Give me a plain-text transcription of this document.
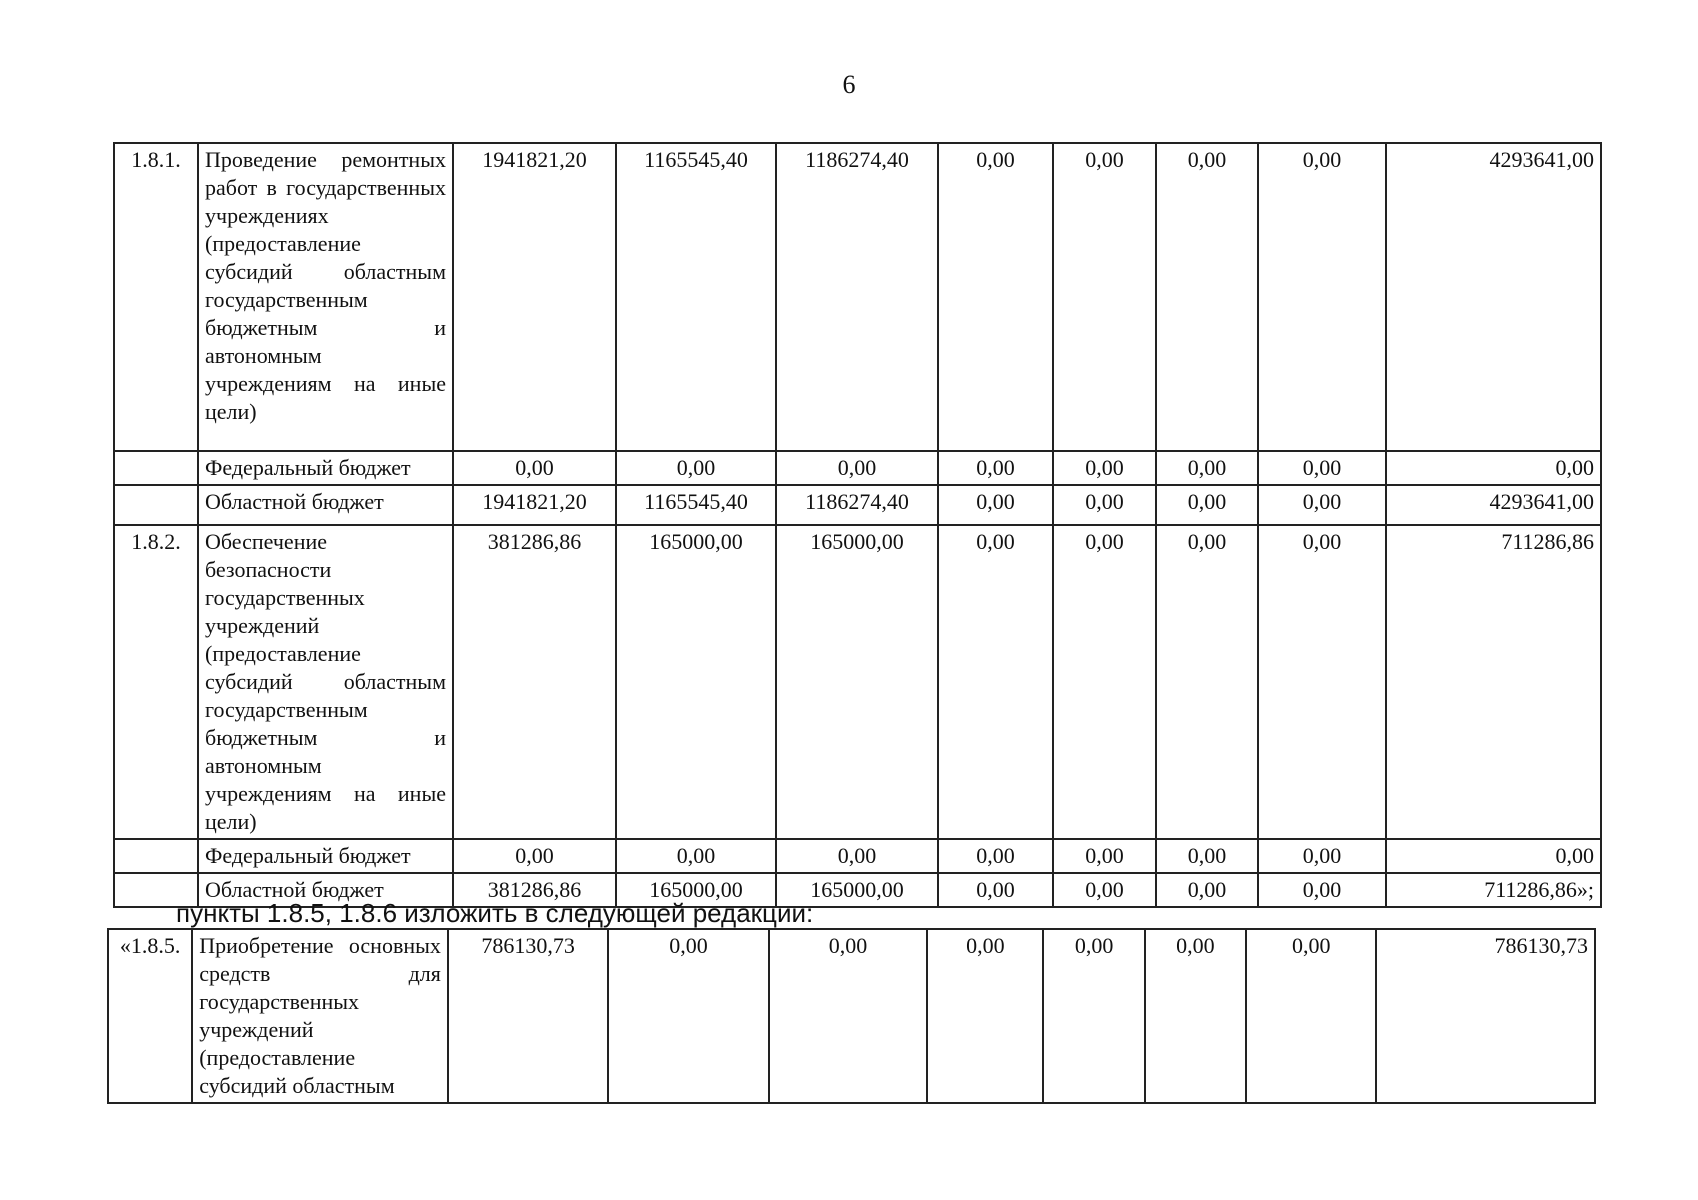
6
1.8.1.	Проведение ремонтных работ в государственных учреждениях (предоставление субсидий областным государственным бюджетным и автономным учреждениям на иные цели)	1941821,20	1165545,40	1186274,40	0,00	0,00	0,00	0,00	4293641,00
	Федеральный бюджет	0,00	0,00	0,00	0,00	0,00	0,00	0,00	0,00
	Областной бюджет	1941821,20	1165545,40	1186274,40	0,00	0,00	0,00	0,00	4293641,00
1.8.2.	Обеспечение безопасности государственных учреждений (предоставление субсидий областным государственным бюджетным и автономным учреждениям на иные цели)	381286,86	165000,00	165000,00	0,00	0,00	0,00	0,00	711286,86
	Федеральный бюджет	0,00	0,00	0,00	0,00	0,00	0,00	0,00	0,00
	Областной бюджет	381286,86	165000,00	165000,00	0,00	0,00	0,00	0,00	711286,86»;
пункты 1.8.5, 1.8.6 изложить в следующей редакции:
«1.8.5.	Приобретение основных средств для государственных учреждений (предоставление субсидий областным	786130,73	0,00	0,00	0,00	0,00	0,00	0,00	786130,73
